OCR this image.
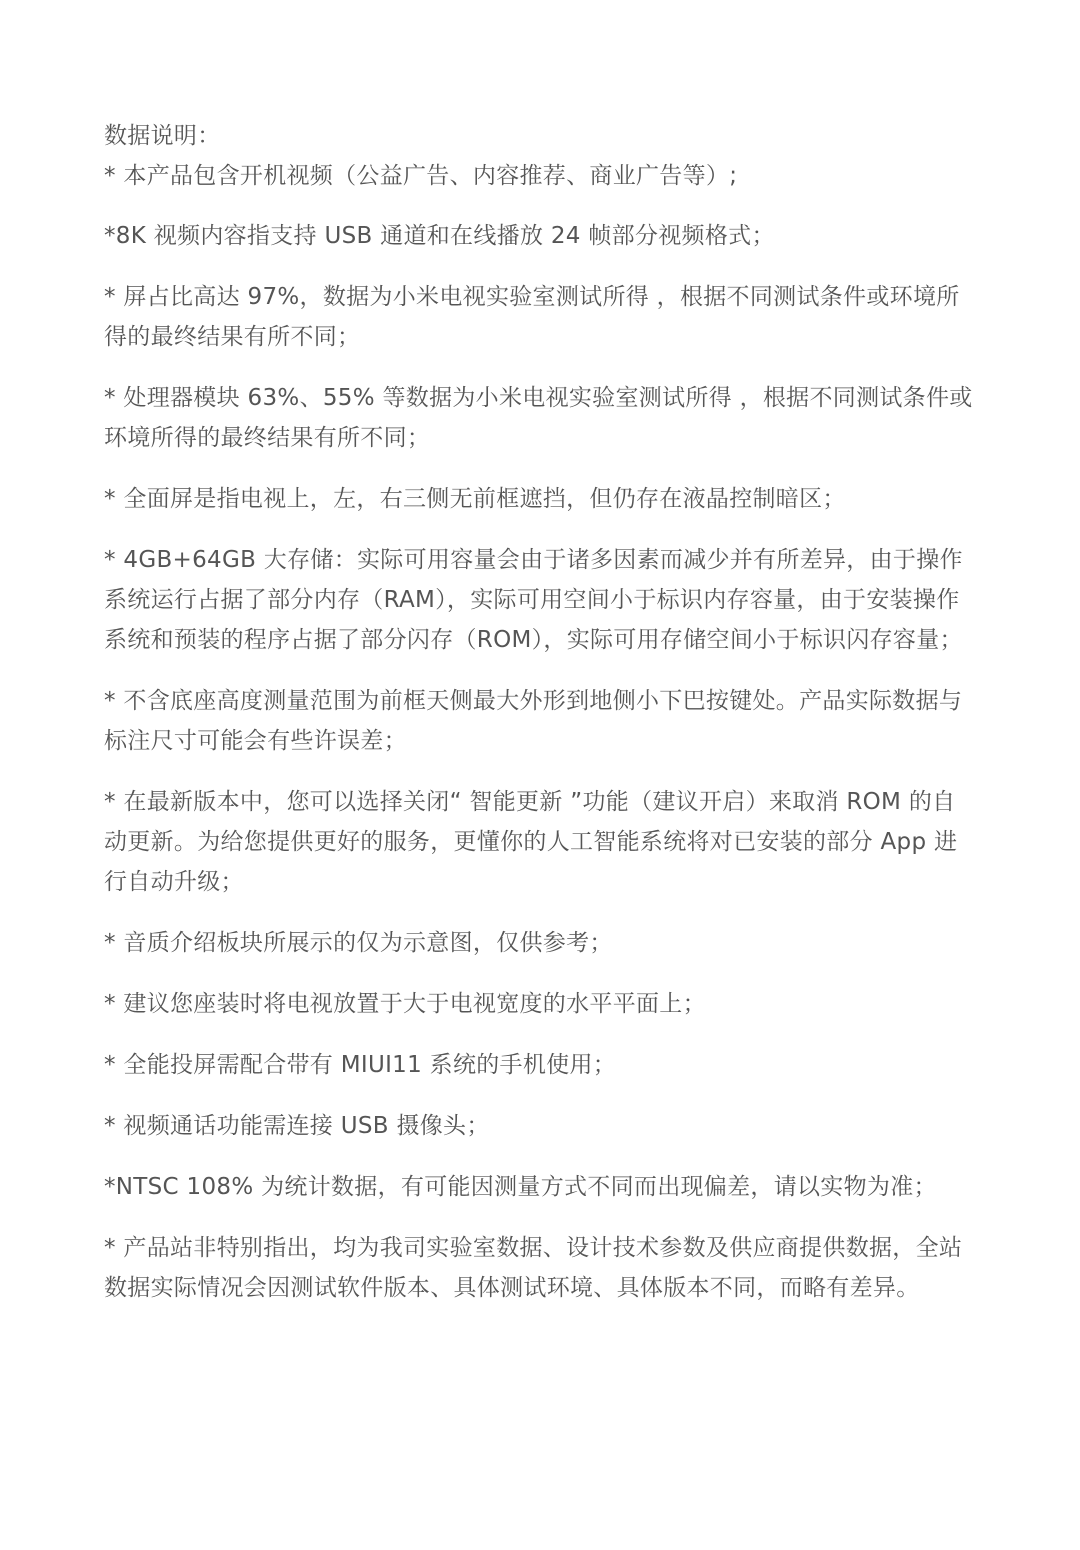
数据说明：

* 本产品包含开机视频（公益广告、内容推荐、商业广告等）;
*8K 视频内容指支持 USB 通道和在线播放 24 帧部分视频格式；
* 屏占比高达 97%，数据为小米电视实验室测试所得 ，根据不同测试条件或环境所得的最终结果有所不同；
* 处理器模块 63%、55% 等数据为小米电视实验室测试所得 ，根据不同测试条件或环境所得的最终结果有所不同；
* 全面屏是指电视上，左，右三侧无前框遮挡，但仍存在液晶控制暗区；
* 4GB+64GB 大存储：实际可用容量会由于诸多因素而减少并有所差异，由于操作系统运行占据了部分内存（RAM），实际可用空间小于标识内存容量，由于安装操作系统和预装的程序占据了部分闪存（ROM），实际可用存储空间小于标识闪存容量；
* 不含底座高度测量范围为前框天侧最大外形到地侧小下巴按键处。产品实际数据与标注尺寸可能会有些许误差；
* 在最新版本中，您可以选择关闭“ 智能更新 ”功能（建议开启）来取消 ROM 的自动更新。为给您提供更好的服务，更懂你的人工智能系统将对已安装的部分 App 进行自动升级；
* 音质介绍板块所展示的仅为示意图，仅供参考；
* 建议您座装时将电视放置于大于电视宽度的水平平面上；
* 全能投屏需配合带有 MIUI11 系统的手机使用；
* 视频通话功能需连接 USB 摄像头；
*NTSC 108% 为统计数据，有可能因测量方式不同而出现偏差，请以实物为准；
* 产品站非特别指出，均为我司实验室数据、设计技术参数及供应商提供数据，全站数据实际情况会因测试软件版本、具体测试环境、具体版本不同，而略有差异。
